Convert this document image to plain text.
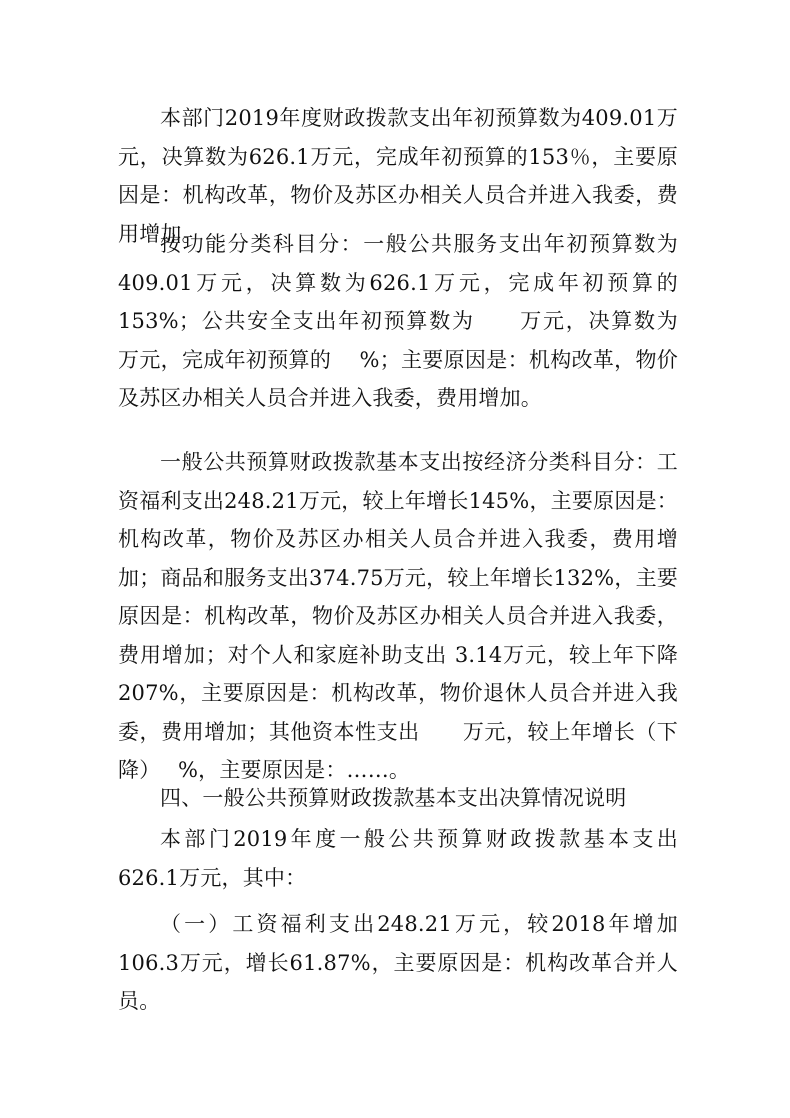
本部门2019年度财政拨款支出年初预算数为409.01万元，决算数为626.1万元，完成年初预算的153％，主要原因是：机构改革，物价及苏区办相关人员合并进入我委，费用增加。

按功能分类科目分：一般公共服务支出年初预算数为409.01万元，决算数为626.1万元，完成年初预算的153%；公共安全支出年初预算数为　　万元，决算数为　 万元，完成年初预算的　 %；主要原因是：机构改革，物价及苏区办相关人员合并进入我委，费用增加。

一般公共预算财政拨款基本支出按经济分类科目分：工资福利支出248.21万元，较上年增长145%，主要原因是：机构改革，物价及苏区办相关人员合并进入我委，费用增加；商品和服务支出374.75万元，较上年增长132%，主要原因是：机构改革，物价及苏区办相关人员合并进入我委，费用增加；对个人和家庭补助支出 3.14万元，较上年下降207%，主要原因是：机构改革，物价退休人员合并进入我委，费用增加；其他资本性支出　　万元，较上年增长（下降）　 %，主要原因是：……。

四、一般公共预算财政拨款基本支出决算情况说明

本部门2019年度一般公共预算财政拨款基本支出626.1万元，其中：

（一）工资福利支出248.21万元，较2018年增加106.3万元，增长61.87%，主要原因是：机构改革合并人员。
